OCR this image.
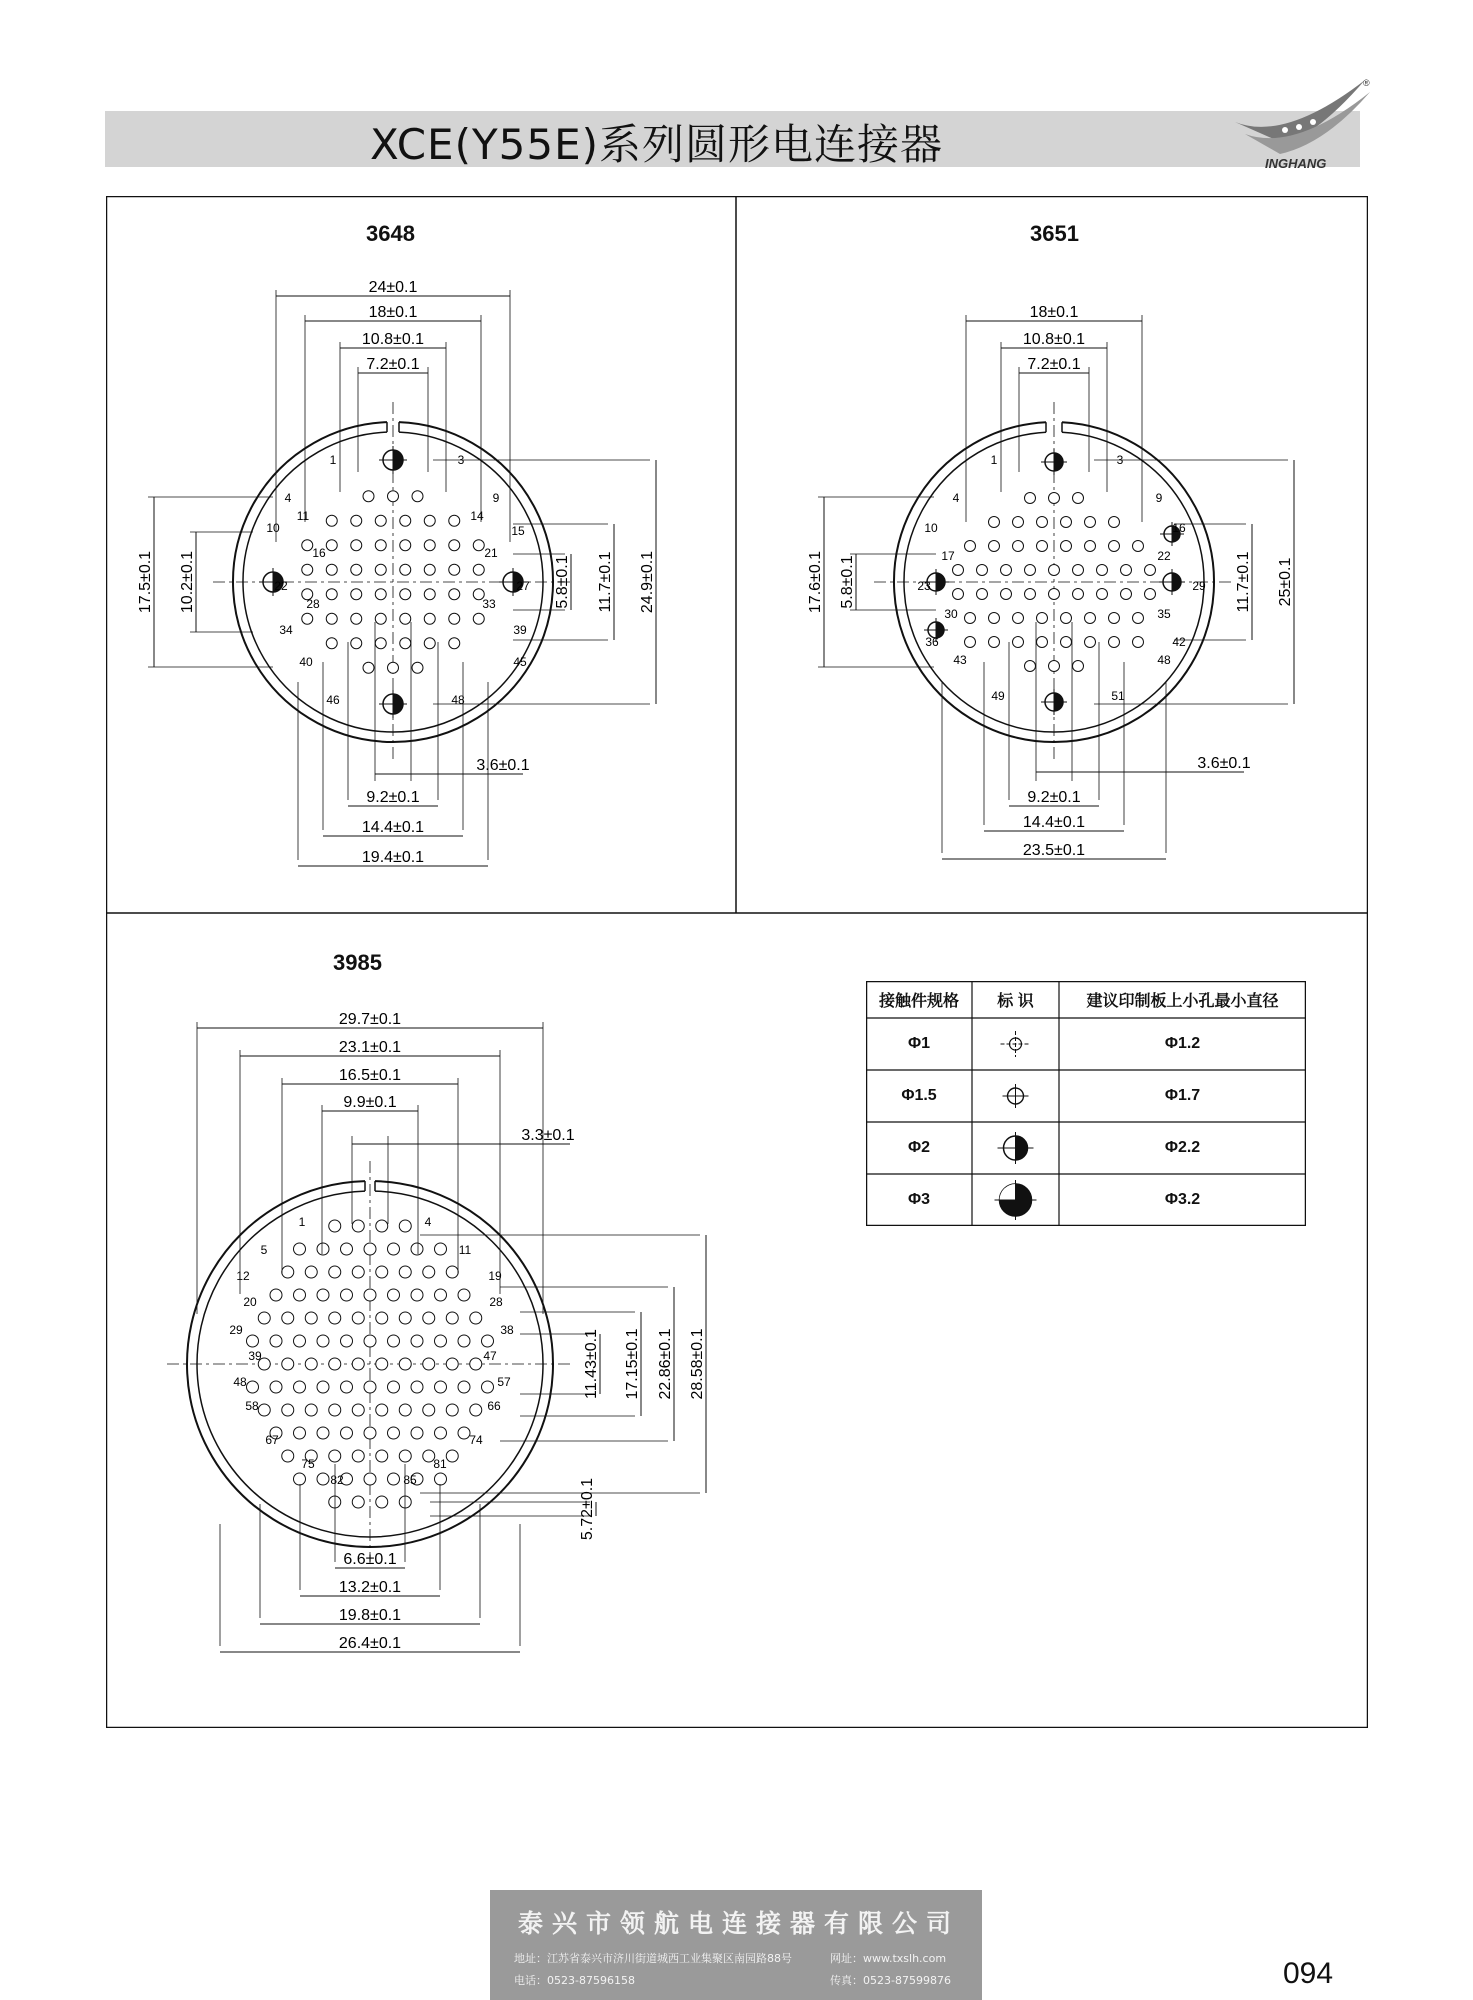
XCE(Y55E)系列圆形电连接器	INGHANG
®
1	3
4	9
10
11	14
15
16	21
22	27
28	33
34	39
40	45
46	48
24±0.1
18±0.1
10.8±0.1
7.2±0.1
3.6±0.1
9.2±0.1
14.4±0.1
19.4±0.1
17.5±0.1 10.2±0.1	5.8±0.1 11.7±0.1 24.9±0.1
1	3
4	9
10	16
17	22
23	29
30	35
36	42
43	48
49	51
18±0.1
10.8±0.1
7.2±0.1
3.6±0.1
9.2±0.1
14.4±0.1
23.5±0.1
17.6±0.1 5.8±0.1	11.7±0.1 25±0.1
1	4
5	11
12	19
20	28
29	38
39	47
48	57
58	66
67	74
75	81
82	85
29.7±0.1
23.1±0.1
16.5±0.1
9.9±0.1
3.3±0.1
6.6±0.1
13.2±0.1
19.8±0.1
26.4±0.1
11.43±0.1 17.15±0.1 22.86±0.1 28.58±0.1
5.72±0.1
3648	3651
3985
接触件规格	标 识	建议印制板上小孔最小直径
Φ1	Φ1.2
Φ1.5	Φ1.7
Φ2	Φ2.2
Φ3	Φ3.2
泰兴市领航电连接器有限公司
地址：江苏省泰兴市济川街道城西工业集聚区南园路88号	网址：www.txslh.com
电话：0523-87596158	传真：0523-87599876	094
